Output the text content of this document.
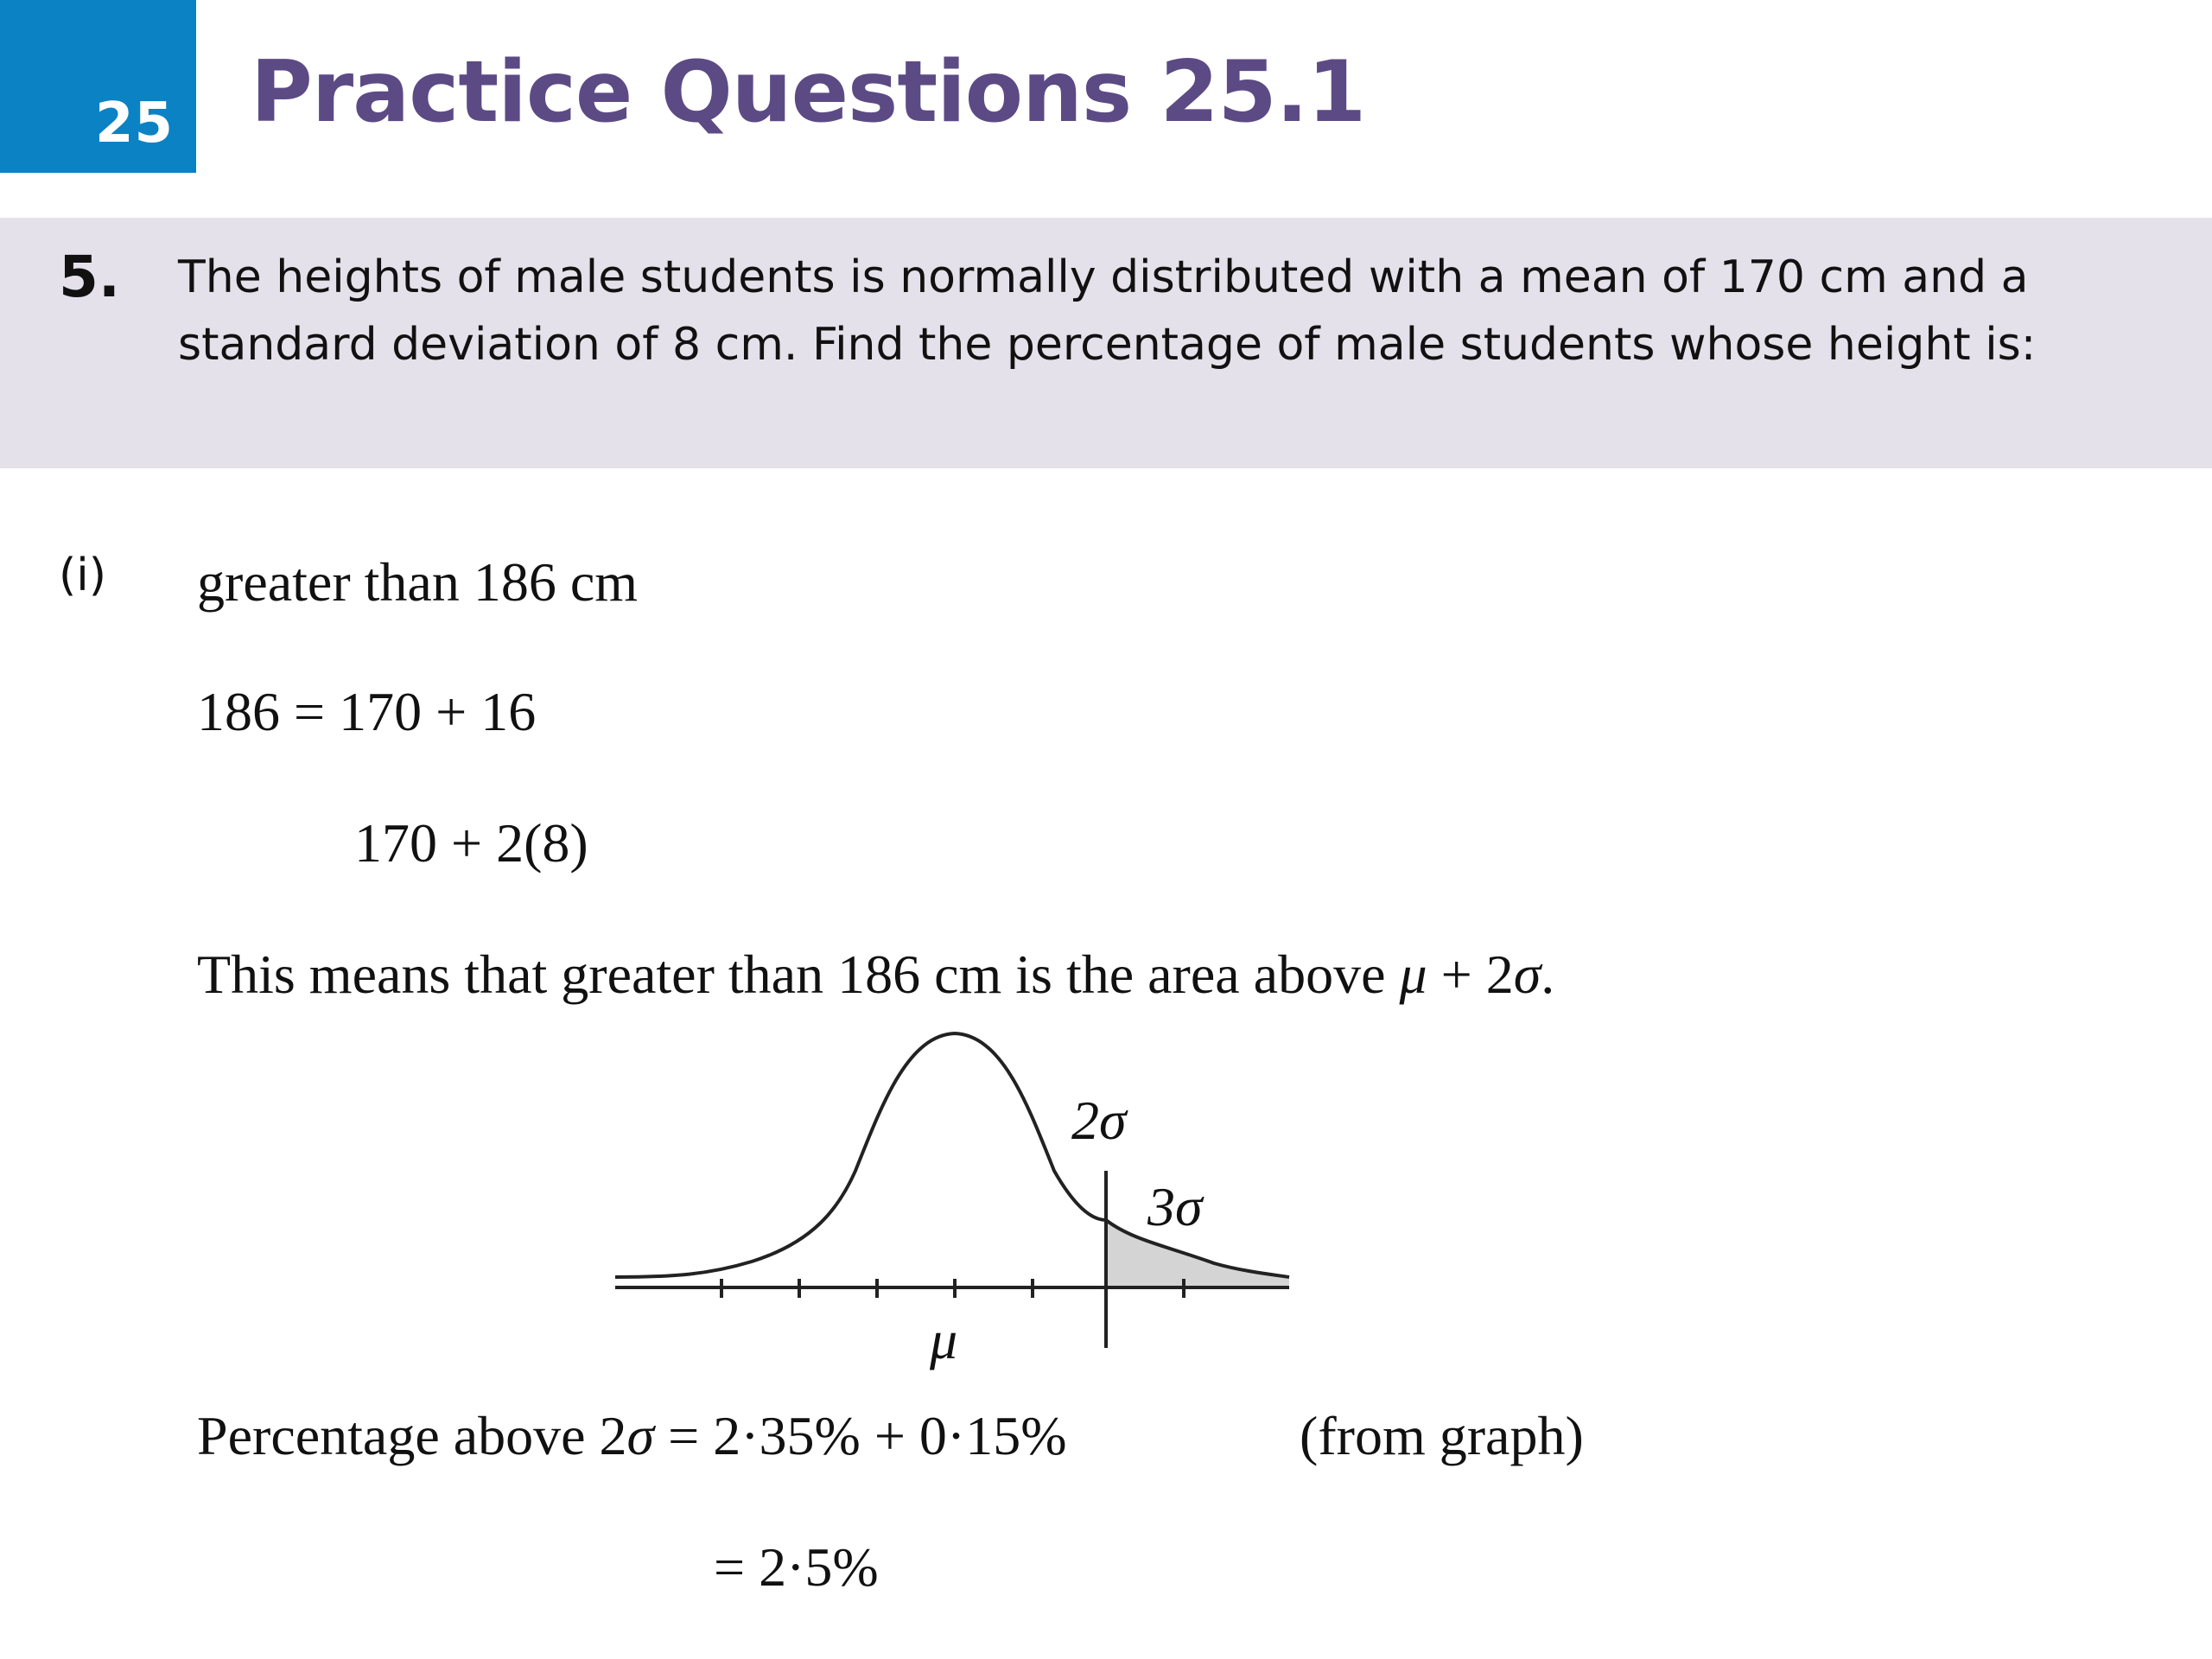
25 Practice Questions 25.1
5. The heights of male students is normally distributed with a mean of 170 cm and a
standard deviation of 8 cm. Find the percentage of male students whose height is:
(i) greater than 186 cm
186 = 170 + 16
170 + 2(8)
This means that greater than 186 cm is the area above μ + 2σ.
2σ
3σ
μ
Percentage above 2σ = 2·35% + 0·15%	(from graph)
= 2·5%
